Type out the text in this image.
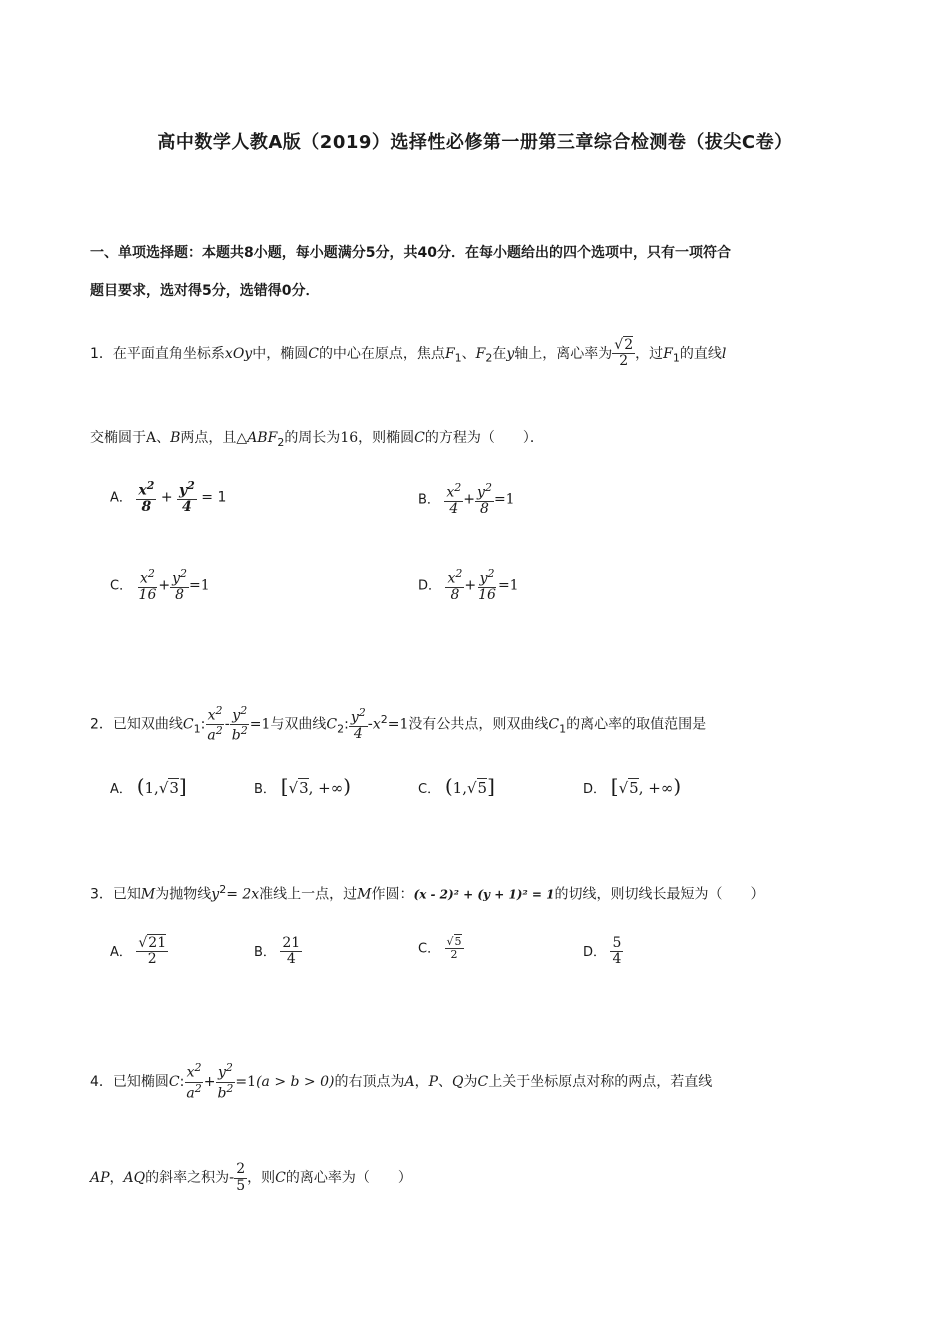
高中数学人教A版（2019）选择性必修第一册第三章综合检测卷（拔尖C卷）
一、单项选择题：本题共8小题，每小题满分5分，共40分．在每小题给出的四个选项中，只有一项符合
题目要求，选对得5分，选错得0分．
1．在平面直角坐标系xOy中，椭圆C的中心在原点，焦点$F_1$、$F_2$在y轴上，离心率为 $\frac{√2}{2}$ ，过$F_1$的直线l
交椭圆于A、B两点，且$\triangle ABF_2$的周长为16，则椭圆C的方程为（　　）．
A． $\frac{x^2}{8} + \frac{y^2}{4} = 1$	B． $\frac{x^2}{4} + \frac{y^2}{8} =1$
C． $\frac{x^2}{16} + \frac{y^2}{8} =1$	D． $\frac{x^2}{8} + \frac{y^2}{16} =1$
2．已知双曲线$C_1$: $\frac{x^2}{a^2} - \frac{y^2}{b^2} =1$与双曲线$C_2$: $\frac{y^2}{4} -x^2=1$没有公共点，则双曲线$C_1$的离心率的取值范围是
A． (1,√3]	B． [√3, +∞)	C． (1,√5]	D． [√5, +∞)
3．已知M为抛物线$y^2= 2x$准线上一点，过M作圆：(x - 2)² + (y + 1)² = 1的切线，则切线长最短为（　　）
A． $\frac{√21}{2}$	B． $\frac{21}{4}$	C． $\frac{√5}{2}$	D． $\frac{5}{4}$
4．已知椭圆C: $\frac{x^2}{a^2} + \frac{y^2}{b^2} =1(a > b > 0)$的右顶点为A，P、Q为C上关于坐标原点对称的两点，若直线
AP，AQ的斜率之积为- $\frac{2}{5}$ ，则C的离心率为（　　）
